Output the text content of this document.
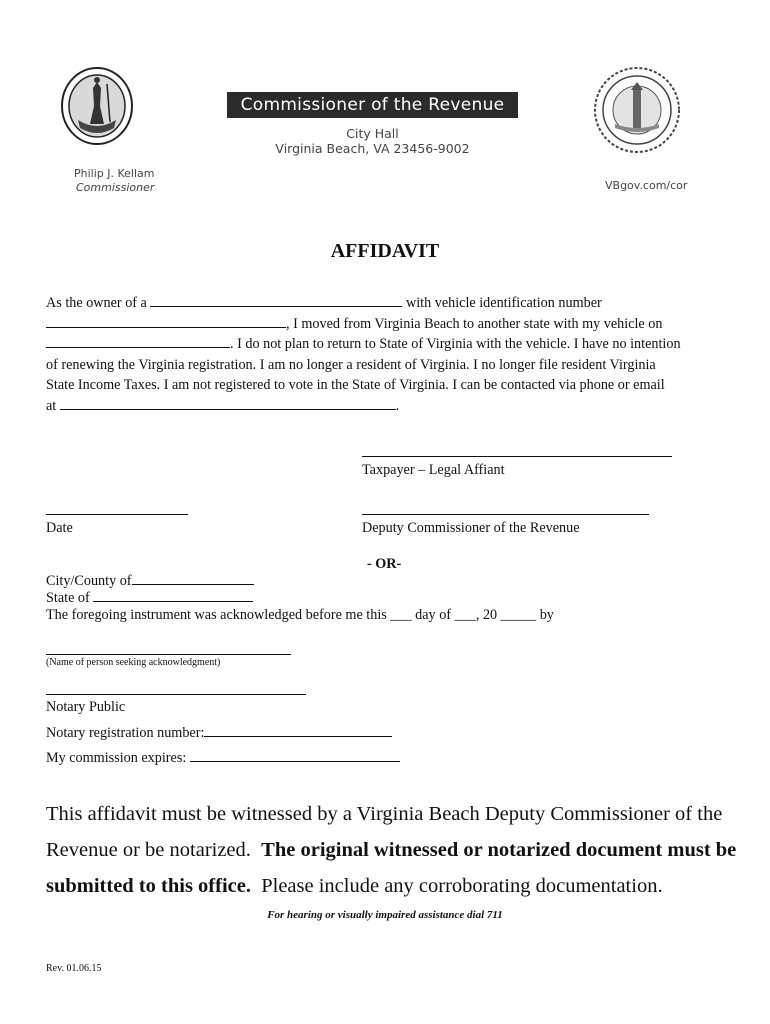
Commissioner of the Revenue
City Hall
Virginia Beach, VA 23456-9002
Philip J. Kellam
Commissioner	VBgov.com/cor
AFFIDAVIT
As the owner of a	with vehicle identification number
, I moved from Virginia Beach to another state with my vehicle on
. I do not plan to return to State of Virginia with the vehicle. I have no intention
of renewing the Virginia registration. I am no longer a resident of Virginia. I no longer file resident Virginia
State Income Taxes. I am not registered to vote in the State of Virginia. I can be contacted via phone or email
at	.
Taxpayer – Legal Affiant
Date	Deputy Commissioner of the Revenue
- OR-
City/County of
State of
The foregoing instrument was acknowledged before me this ___ day of ___, 20 _____ by
(Name of person seeking acknowledgment)
Notary Public
Notary registration number:
My commission expires:
This affidavit must be witnessed by a Virginia Beach Deputy Commissioner of the
Revenue or be notarized. The original witnessed or notarized document must be
submitted to this office. Please include any corroborating documentation.
For hearing or visually impaired assistance dial 711
Rev. 01.06.15
